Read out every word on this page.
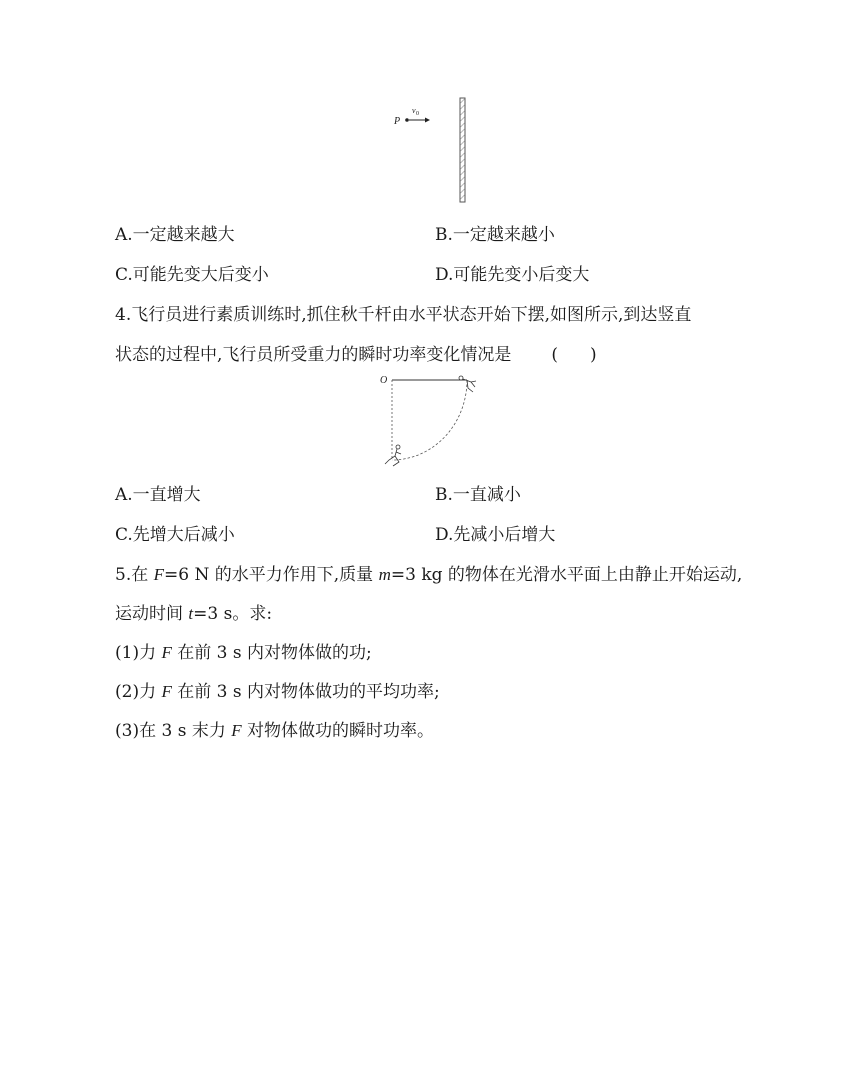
P
v 0
A.一定越来越大	B.一定越来越小
C.可能先变大后变小	D.可能先变小后变大
4.飞行员进行素质训练时,抓住秋千杆由水平状态开始下摆,如图所示,到达竖直
状态的过程中,飞行员所受重力的瞬时功率变化情况是 ( )
O
A.一直增大	B.一直减小
C.先增大后减小	D.先减小后增大
5.在 F=6 N 的水平力作用下,质量 m=3 kg 的物体在光滑水平面上由静止开始运动,
运动时间 t=3 s。求:
(1)力 F 在前 3 s 内对物体做的功;
(2)力 F 在前 3 s 内对物体做功的平均功率;
(3)在 3 s 末力 F 对物体做功的瞬时功率。
